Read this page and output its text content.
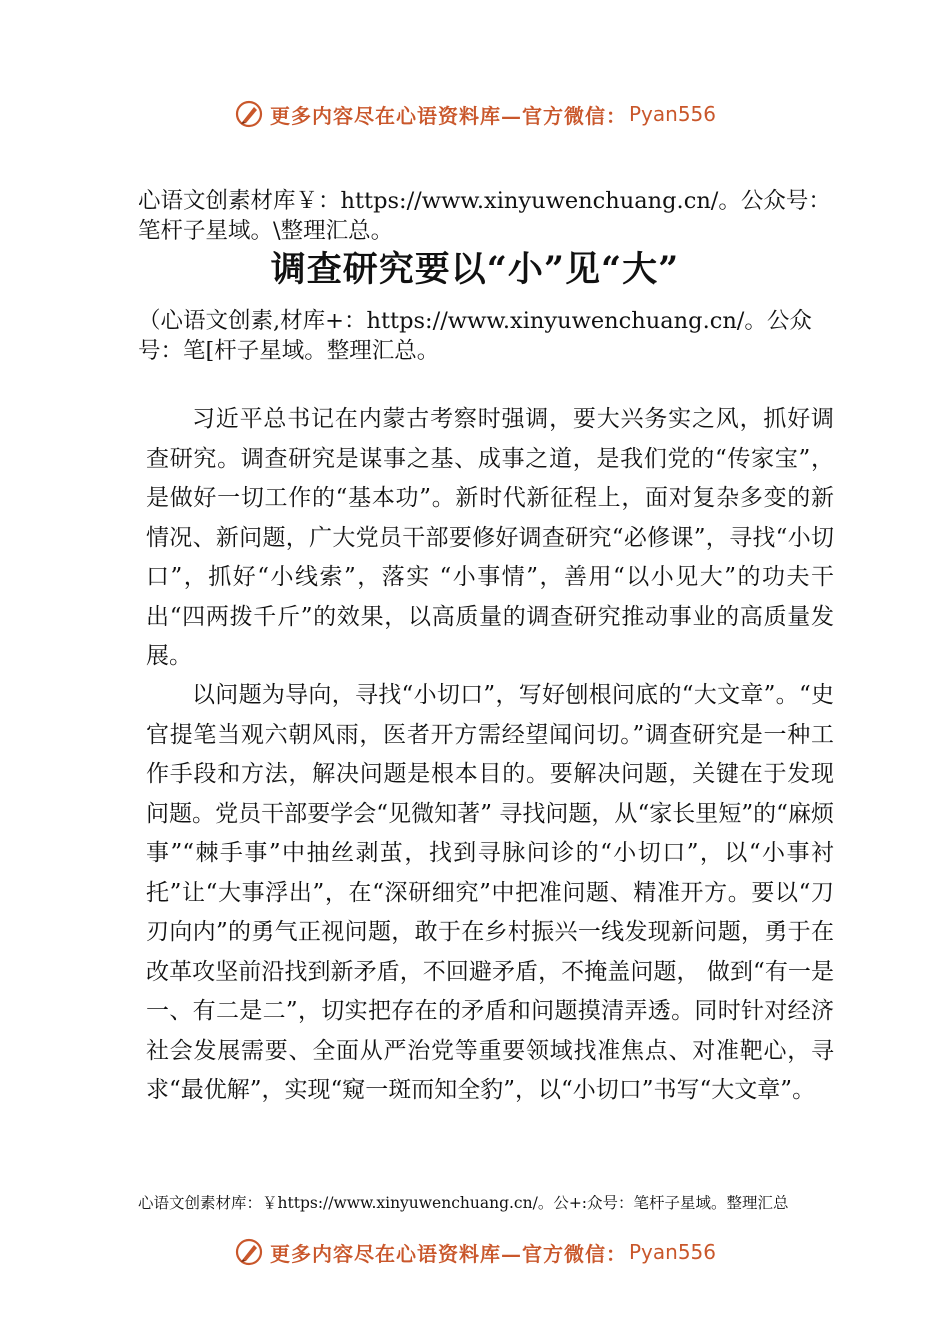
更多内容尽在心语资料库—官方微信： Pyan556

心语文创素材库￥：https://www.xinyuwenchuang.cn/。公众号：笔杆子星域。\整理汇总。

调查研究要以“小”见“大”

（心语文创素,材库+：https://www.xinyuwenchuang.cn/。公众号：笔[杆子星域。整理汇总。

习近平总书记在内蒙古考察时强调，要大兴务实之风，抓好调查研究。调查研究是谋事之基、成事之道，是我们党的“传家宝”，是做好一切工作的“基本功”。新时代新征程上，面对复杂多变的新情况、新问题，广大党员干部要修好调查研究“必修课”，寻找“小切口”，抓好“小线索”，落实 “小事情”，善用“以小见大”的功夫干出“四两拨千斤”的效果，以高质量的调查研究推动事业的高质量发展。

以问题为导向，寻找“小切口”，写好刨根问底的“大文章”。“史官提笔当观六朝风雨，医者开方需经望闻问切。”调查研究是一种工作手段和方法，解决问题是根本目的。要解决问题，关键在于发现问题。党员干部要学会“见微知著” 寻找问题，从“家长里短”的“麻烦事”“棘手事”中抽丝剥茧，找到寻脉问诊的“小切口”，以“小事衬托”让“大事浮出”，在“深研细究”中把准问题、精准开方。要以“刀刃向内”的勇气正视问题，敢于在乡村振兴一线发现新问题，勇于在改革攻坚前沿找到新矛盾，不回避矛盾，不掩盖问题， 做到“有一是一、有二是二”，切实把存在的矛盾和问题摸清弄透。同时针对经济社会发展需要、全面从严治党等重要领域找准焦点、对准靶心，寻求“最优解”，实现“窥一斑而知全豹”，以“小切口”书写“大文章”。

心语文创素材库：￥https://www.xinyuwenchuang.cn/。公+:众号：笔杆子星域。整理汇总

更多内容尽在心语资料库—官方微信： Pyan556
